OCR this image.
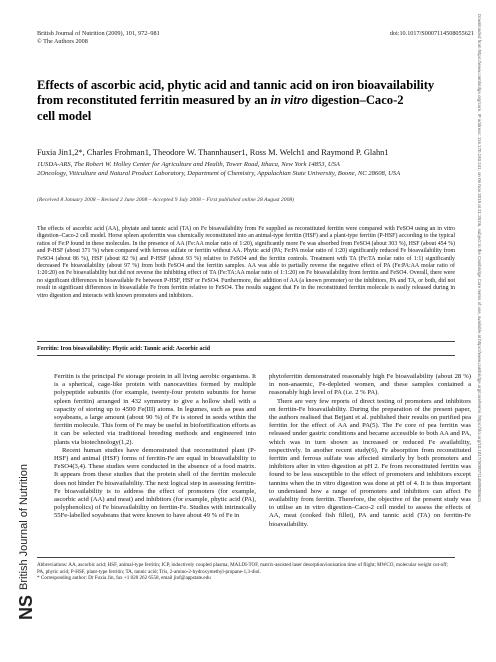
British Journal of Nutrition (2009), 101, 972–981
© The Authors 2008
doi:10.1017/S0007114508055621
Effects of ascorbic acid, phytic acid and tannic acid on iron bioavailability
from reconstituted ferritin measured by an in vitro digestion–Caco-2
cell model
Fuxia Jin1,2*, Charles Frohman1, Theodore W. Thannhauser1, Ross M. Welch1 and Raymond P. Glahn1
1USDA-ARS, The Robert W. Holley Center for Agriculture and Health, Tower Road, Ithaca, New York 14853, USA
2Oncology, Viticulture and Natural Product Laboratory, Department of Chemistry, Appalachian State University, Boone, NC 28608, USA
(Received 8 January 2008 – Revised 2 June 2008 – Accepted 9 July 2008 – First published online 28 August 2008)
The effects of ascorbic acid (AA), phytate and tannic acid (TA) on Fe bioavailability from Fe supplied as reconstituted ferritin were compared with FeSO4 using an in vitro digestion–Caco-2 cell model. Horse spleen apoferritin was chemically reconstituted into an animal-type ferritin (HSF) and a plant-type ferritin (P-HSF) according to the typical ratios of Fe:P found in these molecules. In the presence of AA (Fe:AA molar ratio of 1:20), significantly more Fe was absorbed from FeSO4 (about 303 %), HSF (about 454 %) and P-HSF (about 371 %) when compared with ferrous sulfate or ferritin without AA. Phytic acid (PA; Fe:PA molar ratio of 1:20) significantly reduced Fe bioavailability from FeSO4 (about 86 %), HSF (about 82 %) and P-HSF (about 93 %) relative to FeSO4 and the ferritin controls. Treatment with TA (Fe:TA molar ratio of 1:1) significantly decreased Fe bioavailability (about 97 %) from both FeSO4 and the ferritin samples. AA was able to partially reverse the negative effect of PA (Fe:PA:AA molar ratio of 1:20:20) on Fe bioavailability but did not reverse the inhibiting effect of TA (Fe:TA:AA molar ratio of 1:1:20) on Fe bioavailability from ferritin and FeSO4. Overall, there were no significant differences in bioavailable Fe between P-HSF, HSF or FeSO4. Furthermore, the addition of AA (a known promoter) or the inhibitors, PA and TA, or both, did not result in significant differences in bioavailable Fe from ferritin relative to FeSO4. The results suggest that Fe in the reconstituted ferritin molecule is easily released during in vitro digestion and interacts with known promoters and inhibitors.
Ferritin: Iron bioavailability: Phytic acid: Tannic acid: Ascorbic acid

Ferritin is the principal Fe storage protein in all living aerobic organisms. It is a spherical, cage-like protein with nanocavities formed by multiple polypeptide subunits (for example, twenty-four protein subunits for horse spleen ferritin) arranged in 432 symmetry to give a hollow shell with a capacity of storing up to 4500 Fe(III) atoms. In legumes, such as peas and soyabeans, a large amount (about 90 %) of Fe is stored in seeds within the ferritin molecule. This form of Fe may be useful in biofortification efforts as it can be selected via traditional breeding methods and engineered into plants via biotechnology(1,2).

Recent human studies have demonstrated that reconstituted plant (P-HSF) and animal (HSF) forms of ferritin-Fe are equal in bioavailability to FeSO4(3,4). These studies were conducted in the absence of a food matrix. It appears from these studies that the protein shell of the ferritin molecule does not hinder Fe bioavailability. The next logical step in assessing ferritin-Fe bioavailability is to address the effect of promoters (for example, ascorbic acid (AA) and meat) and inhibitors (for example, phytic acid (PA), polyphenolics) of Fe bioavailability on ferritin-Fe. Studies with intrinsically 55Fe-labelled soyabeans that were known to have about 49 % of Fe in

phytoferritin demonstrated reasonably high Fe bioavailability (about 28 %) in non-anaemic, Fe-depleted women, and these samples contained a reasonably high level of PA (i.e. 2 % PA).

There are very few reports of direct testing of promoters and inhibitors on ferritin-Fe bioavailability. During the preparation of the present paper, the authors realised that Bejjani et al. published their results on purified pea ferritin for the effect of AA and PA(5). The Fe core of pea ferritin was released under gastric conditions and became accessible to both AA and PA, which was in turn shown as increased or reduced Fe availability, respectively. In another recent study(6), Fe absorption from reconstituted ferritin and ferrous sulfate was affected similarly by both promoters and inhibitors after in vitro digestion at pH 2. Fe from reconstituted ferritin was found to be less susceptible to the effect of promoters and inhibitors except tannins when the in vitro digestion was done at pH of 4. It is thus important to understand how a range of promoters and inhibitors can affect Fe availability from ferritin. Therefore, the objective of the present study was to utilise an in vitro digestion–Caco-2 cell model to assess the effects of AA, meat (cooked fish fillet), PA and tannic acid (TA) on ferritin-Fe bioavailability.

Abbreviations: AA, ascorbic acid; HSF, animal-type ferritin; ICP, inductively coupled plasma; MALDI-TOF, matrix-assisted laser desorption/ionisation time of flight; MWCO, molecular weight cut-off; PA, phytic acid; P-HSF, plant-type ferritin; TA, tannic acid; Tris, 2-amino-2-hydroxymethyl-propane-1,3-diol.
* Corresponding author: Dr Fuxia Jin, fax +1 828 262 6558, email jinf@appstate.edu
NS
British Journal of Nutrition
Downloaded from https://www.cambridge.org/core. IP address: 116.170.183.241, on 06 Nov 2019 at 21:25:06, subject to the Cambridge Core terms of use, available at https://www.cambridge.org/core/terms. https://doi.org/10.1017/S0007114508055621
